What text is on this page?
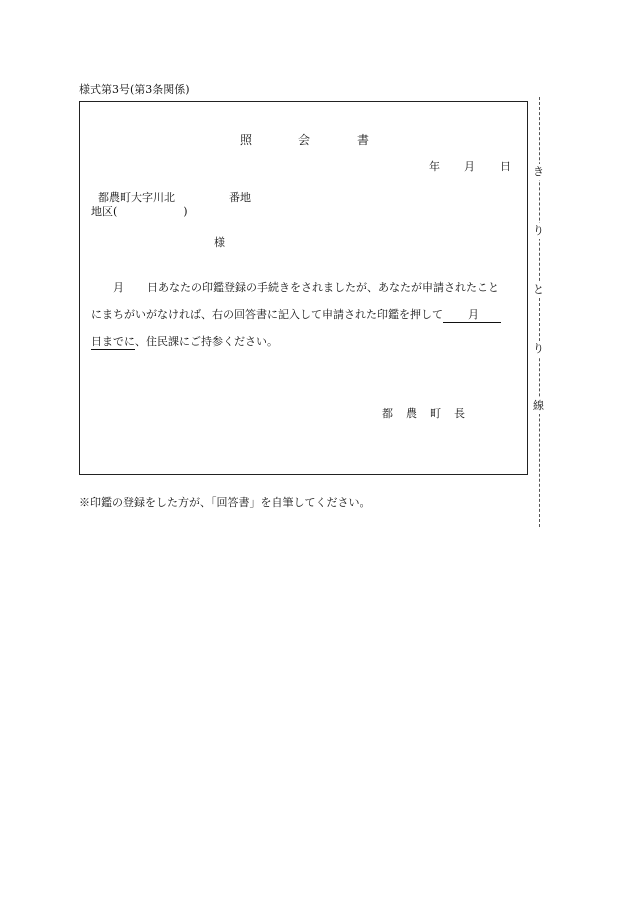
様式第3号(第3条関係)
照	会	書
年 月 日
都農町大字川北	番地
地区(　　　　　　)
様
月 日あなたの印鑑登録の手続きをされましたが、あなたが申請されたこと
にまちがいがなければ、右の回答書に記入して申請された印鑑を押して 月
日までに、住民課にご持参ください。
都 農 町 長
き
り
と
り
線
※印鑑の登録をした方が、「回答書」を自筆してください。
